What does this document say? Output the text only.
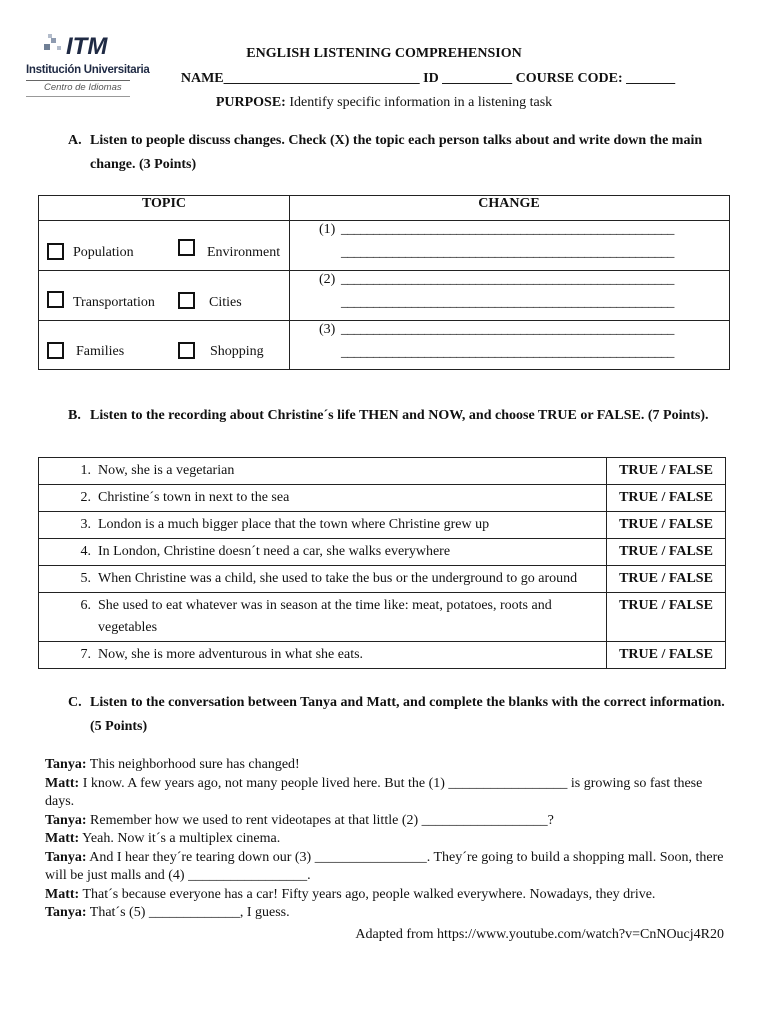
ITM
Institución Universitaria
Centro de Idiomas
ENGLISH LISTENING COMPREHENSION
NAME____________________________ ID __________ COURSE CODE: _______
PURPOSE: Identify specific information in a listening task
A. Listen to people discuss changes. Check (X) the topic each person talks about and write down the main
change. (3 Points)
TOPIC	CHANGE
Population	Environment
(1) ____________________________________________________
____________________________________________________
Transportation	Cities
(2) ____________________________________________________
____________________________________________________
Families	Shopping
(3) ____________________________________________________
____________________________________________________
B. Listen to the recording about Christine´s life THEN and NOW, and choose TRUE or FALSE. (7 Points).
1. Now, she is a vegetarian	TRUE / FALSE
2. Christine´s town in next to the sea	TRUE / FALSE
3. London is a much bigger place that the town where Christine grew up	TRUE / FALSE
4. In London, Christine doesn´t need a car, she walks everywhere	TRUE / FALSE
5. When Christine was a child, she used to take the bus or the underground to go around	TRUE / FALSE
6. She used to eat whatever was in season at the time like: meat, potatoes, roots and vegetables	TRUE / FALSE
7. Now, she is more adventurous in what she eats.	TRUE / FALSE
C. Listen to the conversation between Tanya and Matt, and complete the blanks with the correct information.
(5 Points)

Tanya: This neighborhood sure has changed!

Matt: I know. A few years ago, not many people lived here. But the (1) _________________ is growing so fast these days.

Tanya: Remember how we used to rent videotapes at that little (2) __________________?

Matt: Yeah. Now it´s a multiplex cinema.

Tanya: And I hear they´re tearing down our (3) ________________. They´re going to build a shopping mall. Soon, there will be just malls and (4) _________________.

Matt: That´s because everyone has a car! Fifty years ago, people walked everywhere. Nowadays, they drive.

Tanya: That´s (5) _____________, I guess.

Adapted from https://www.youtube.com/watch?v=CnNOucj4R20
